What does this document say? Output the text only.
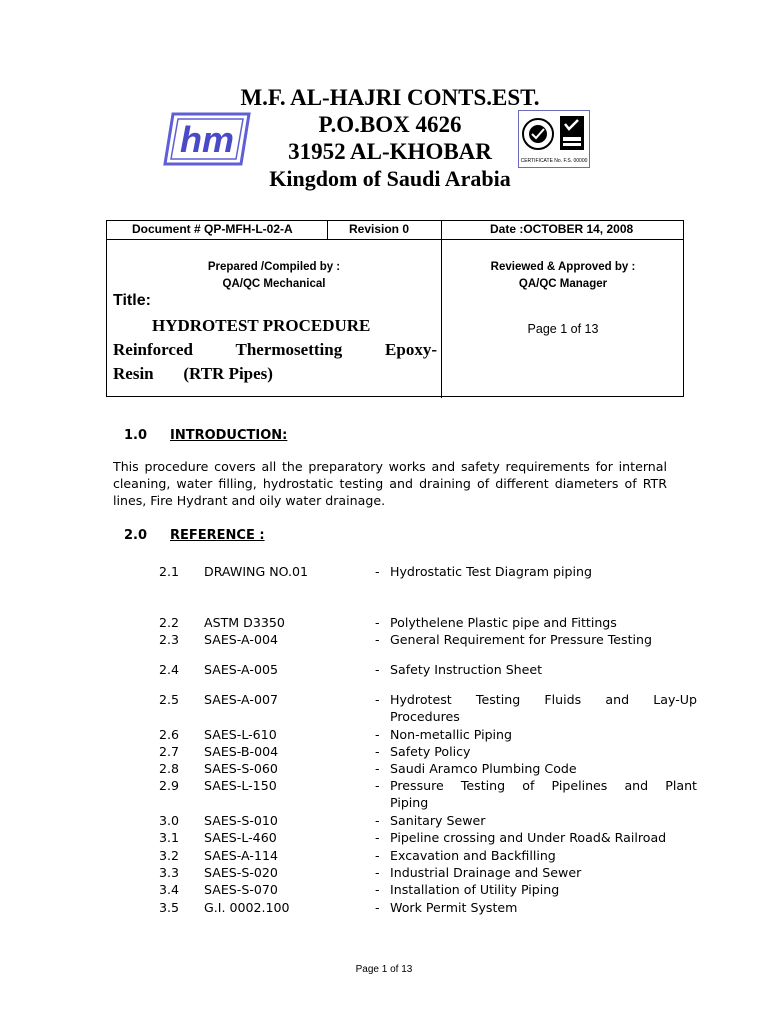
M.F. AL-HAJRI CONTS.EST.
P.O.BOX 4626
31952 AL-KHOBAR
Kingdom of Saudi Arabia
hm
CERTIFICATE No. F.S. 00000
Document # QP-MFH-L-02-A	Revision 0	Date :OCTOBER 14, 2008
Prepared /Compiled by :
QA/QC Mechanical
Reviewed & Approved by :
QA/QC Manager
Title:
HYDROTEST PROCEDURE
Reinforced Thermosetting Epoxy-
Resin       (RTR Pipes)
Page 1 of 13
1.0 INTRODUCTION:
This procedure covers all the preparatory works and safety requirements for internal cleaning, water filling, hydrostatic testing and draining of different diameters of RTR lines, Fire Hydrant and oily water drainage.
2.0 REFERENCE :
2.1 DRAWING NO.01	- Hydrostatic Test Diagram piping
2.2 ASTM D3350	- Polythelene Plastic pipe and Fittings
2.3 SAES-A-004	- General Requirement for Pressure Testing
2.4 SAES-A-005	- Safety Instruction Sheet
2.5 SAES-A-007	- Hydrotest Testing Fluids and Lay-Up
Procedures
2.6 SAES-L-610	- Non-metallic Piping
2.7 SAES-B-004	- Safety Policy
2.8 SAES-S-060	- Saudi Aramco Plumbing Code
2.9 SAES-L-150	- Pressure Testing of Pipelines and Plant
Piping
3.0 SAES-S-010	- Sanitary Sewer
3.1 SAES-L-460	- Pipeline crossing and Under Road& Railroad
3.2 SAES-A-114	- Excavation and Backfilling
3.3 SAES-S-020	- Industrial Drainage and Sewer
3.4 SAES-S-070	- Installation of Utility Piping
3.5 G.I. 0002.100	- Work Permit System
Page 1 of 13
